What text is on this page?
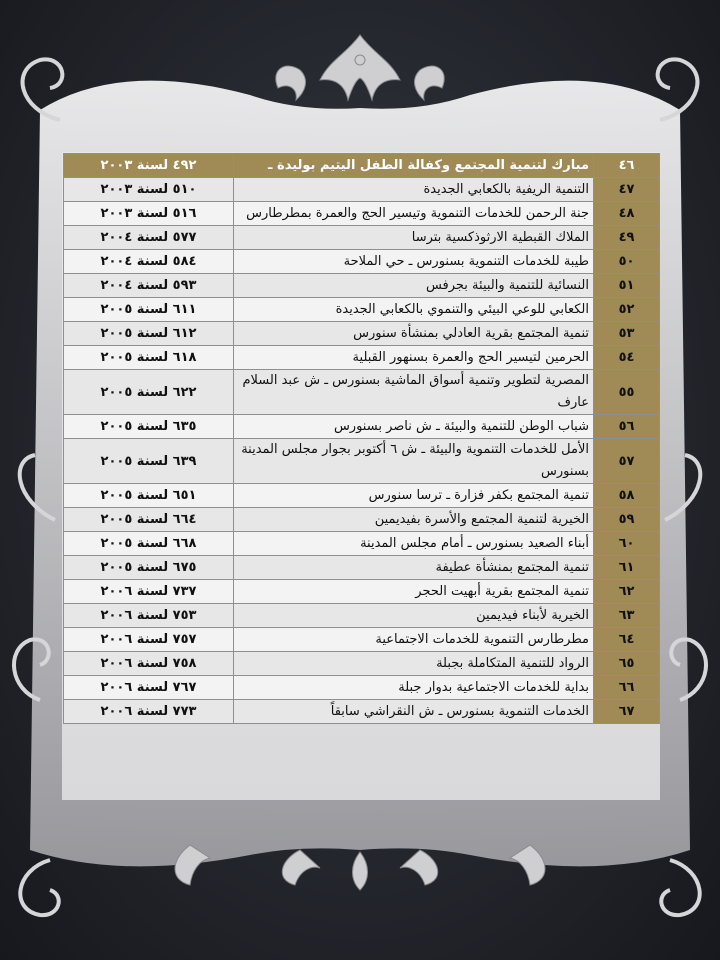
٤٩٢ لسنة ٢٠٠٣	مبارك لتنمية المجتمع وكفالة الطفل اليتيم بوليدة ـ	٤٦
٥١٠ لسنة ٢٠٠٣	التنمية الريفية بالكعابي الجديدة	٤٧
٥١٦ لسنة ٢٠٠٣	جنة الرحمن للخدمات التنموية وتيسير الحج والعمرة بمطرطارس	٤٨
٥٧٧ لسنة ٢٠٠٤	الملاك القبطية الارثوذكسية بترسا	٤٩
٥٨٤ لسنة ٢٠٠٤	طيبة للخدمات التنموية بسنورس ـ حي الملاحة	٥٠
٥٩٣ لسنة ٢٠٠٤	النسائية للتنمية والبيئة بجرفس	٥١
٦١١ لسنة ٢٠٠٥	الكعابي للوعي البيئي والتنموي بالكعابي الجديدة	٥٢
٦١٢ لسنة ٢٠٠٥	تنمية المجتمع بقرية العادلي بمنشأة سنورس	٥٣
٦١٨ لسنة ٢٠٠٥	الحرمين لتيسير الحج والعمرة بسنهور القبلية	٥٤
٦٢٢ لسنة ٢٠٠٥	المصرية لتطوير وتنمية أسواق الماشية بسنورس ـ ش عبد السلام عارف	٥٥
٦٣٥ لسنة ٢٠٠٥	شباب الوطن للتنمية والبيئة ـ ش ناصر بسنورس	٥٦
٦٣٩ لسنة ٢٠٠٥	الأمل للخدمات التنموية والبيئة ـ ش ٦ أكتوبر بجوار مجلس المدينة بسنورس	٥٧
٦٥١ لسنة ٢٠٠٥	تنمية المجتمع بكفر فزارة ـ ترسا سنورس	٥٨
٦٦٤ لسنة ٢٠٠٥	الخيرية لتنمية المجتمع والأسرة بفيديمين	٥٩
٦٦٨ لسنة ٢٠٠٥	أبناء الصعيد بسنورس ـ أمام مجلس المدينة	٦٠
٦٧٥ لسنة ٢٠٠٥	تنمية المجتمع بمنشأة عطيفة	٦١
٧٣٧ لسنة ٢٠٠٦	تنمية المجتمع بقرية أبهيت الحجر	٦٢
٧٥٣ لسنة ٢٠٠٦	الخيرية لأبناء فيديمين	٦٣
٧٥٧ لسنة ٢٠٠٦	مطرطارس التنموية للخدمات الاجتماعية	٦٤
٧٥٨ لسنة ٢٠٠٦	الرواد للتنمية المتكاملة بجبلة	٦٥
٧٦٧ لسنة ٢٠٠٦	بداية للخدمات الاجتماعية بدوار جبلة	٦٦
٧٧٣ لسنة ٢٠٠٦	الخدمات التنموية بسنورس ـ ش النقراشي سابقاً	٦٧
